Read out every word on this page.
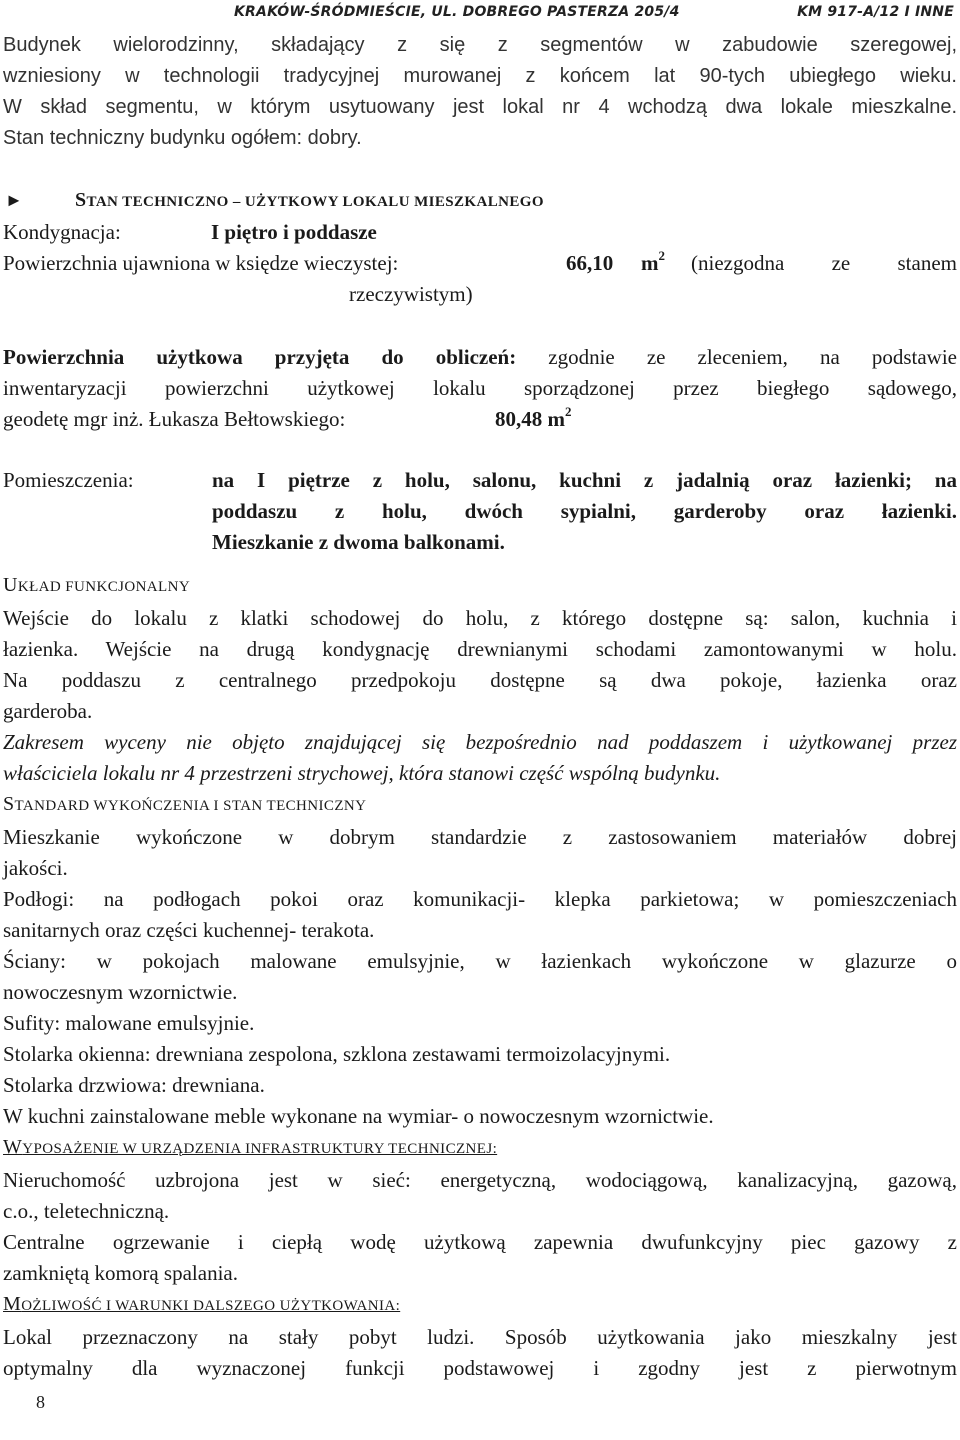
KRAKÓW-ŚRÓDMIEŚCIE, UL. DOBREGO PASTERZA 205/4	KM 917-A/12 I INNE

Budynek wielorodzinny, składający z się z segmentów w zabudowie szeregowej,

wzniesiony w technologii tradycyjnej murowanej z końcem lat 90-tych ubiegłego wieku.

W skład segmentu, w którym usytuowany jest lokal nr 4 wchodzą dwa lokale mieszkalne.

Stan techniczny budynku ogółem: dobry.

►	STAN TECHNICZNO – UŻYTKOWY LOKALU MIESZKALNEGO

Kondygnacja:	I piętro i poddasze
Powierzchnia ujawniona w księdze wieczystej:	66,10	$m^2$	(niezgodna ze stanem

rzeczywistym)

Powierzchnia użytkowa przyjęta do obliczeń: zgodnie ze zleceniem, na podstawie

inwentaryzacji powierzchni użytkowej lokalu sporządzonej przez biegłego sądowego,

geodetę mgr inż. Łukasza Bełtowskiego:	80,48 $m^2$

Pomieszczenia:	na I piętrze z holu, salonu, kuchni z jadalnią oraz łazienki; na

poddaszu z holu, dwóch sypialni, garderoby oraz łazienki.

Mieszkanie z dwoma balkonami.

UKŁAD FUNKCJONALNY

Wejście do lokalu z klatki schodowej do holu, z którego dostępne są: salon, kuchnia i

łazienka. Wejście na drugą kondygnację drewnianymi schodami zamontowanymi w holu.

Na poddaszu z centralnego przedpokoju dostępne są dwa pokoje, łazienka oraz

garderoba.

Zakresem wyceny nie objęto znajdującej się bezpośrednio nad poddaszem i użytkowanej przez

właściciela lokalu nr 4 przestrzeni strychowej, która stanowi część wspólną budynku.

STANDARD WYKOŃCZENIA I STAN TECHNICZNY

Mieszkanie wykończone w dobrym standardzie z zastosowaniem materiałów dobrej

jakości.

Podłogi: na podłogach pokoi oraz komunikacji- klepka parkietowa; w pomieszczeniach

sanitarnych oraz części kuchennej- terakota.

Ściany: w pokojach malowane emulsyjnie, w łazienkach wykończone w glazurze o

nowoczesnym wzornictwie.

Sufity: malowane emulsyjnie.

Stolarka okienna: drewniana zespolona, szklona zestawami termoizolacyjnymi.

Stolarka drzwiowa: drewniana.

W kuchni zainstalowane meble wykonane na wymiar- o nowoczesnym wzornictwie.

WYPOSAŻENIE W URZĄDZENIA INFRASTRUKTURY TECHNICZNEJ:

Nieruchomość uzbrojona jest w sieć: energetyczną, wodociągową, kanalizacyjną, gazową,

c.o., teletechniczną.

Centralne ogrzewanie i ciepłą wodę użytkową zapewnia dwufunkcyjny piec gazowy z

zamkniętą komorą spalania.

MOŻLIWOŚĆ I WARUNKI DALSZEGO UŻYTKOWANIA:

Lokal przeznaczony na stały pobyt ludzi. Sposób użytkowania jako mieszkalny jest

optymalny dla wyznaczonej funkcji podstawowej i zgodny jest z pierwotnym

8
